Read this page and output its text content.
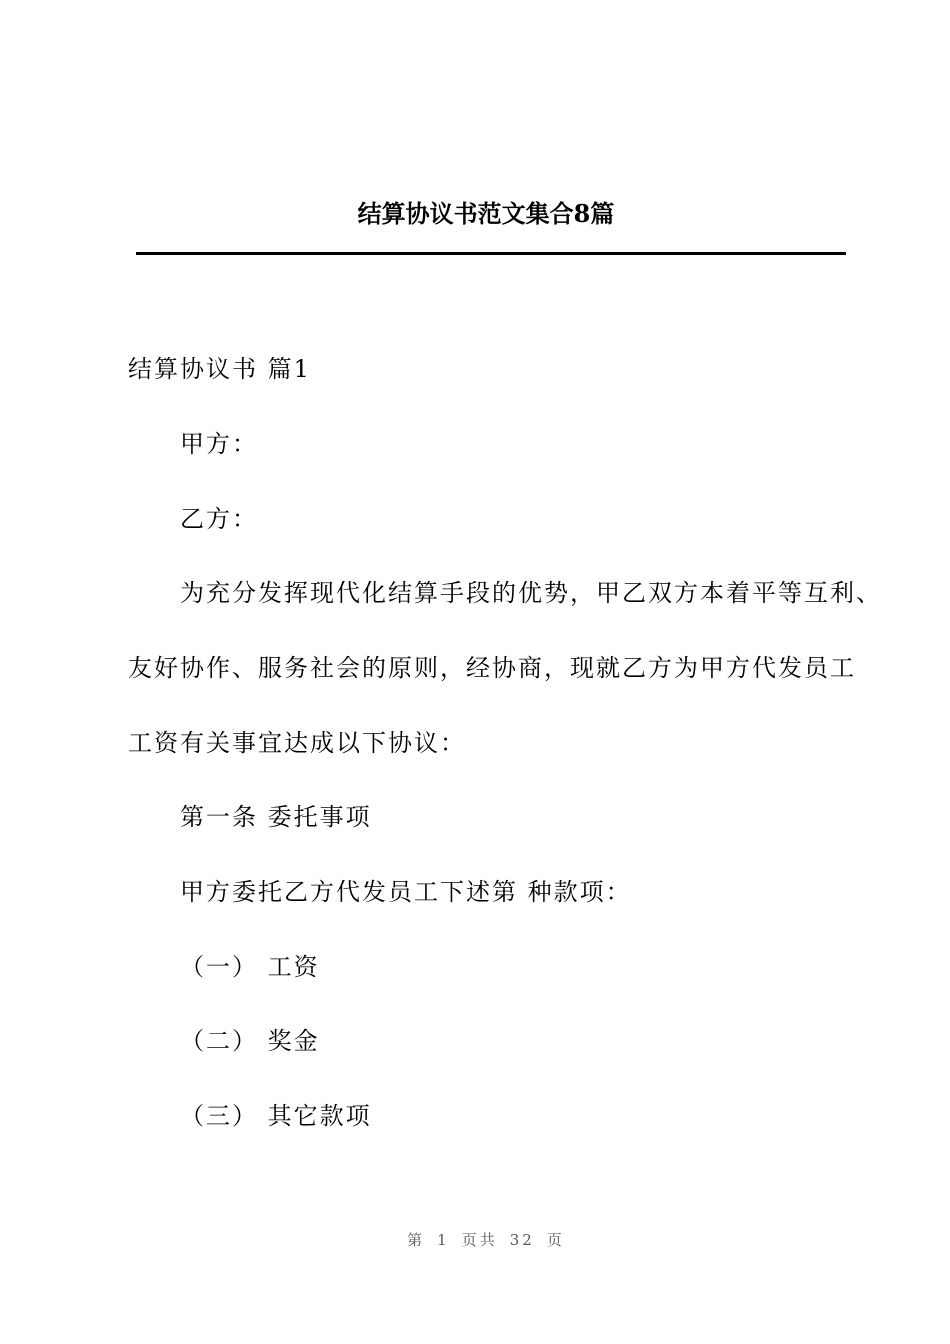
结算协议书范文集合8篇
结算协议书 篇1
甲方：
乙方：
为充分发挥现代化结算手段的优势，甲乙双方本着平等互利、
友好协作、服务社会的原则，经协商，现就乙方为甲方代发员工
工资有关事宜达成以下协议：
第一条 委托事项
甲方委托乙方代发员工下述第 种款项：
（一） 工资
（二） 奖金
（三） 其它款项
第 1 页共 32 页
